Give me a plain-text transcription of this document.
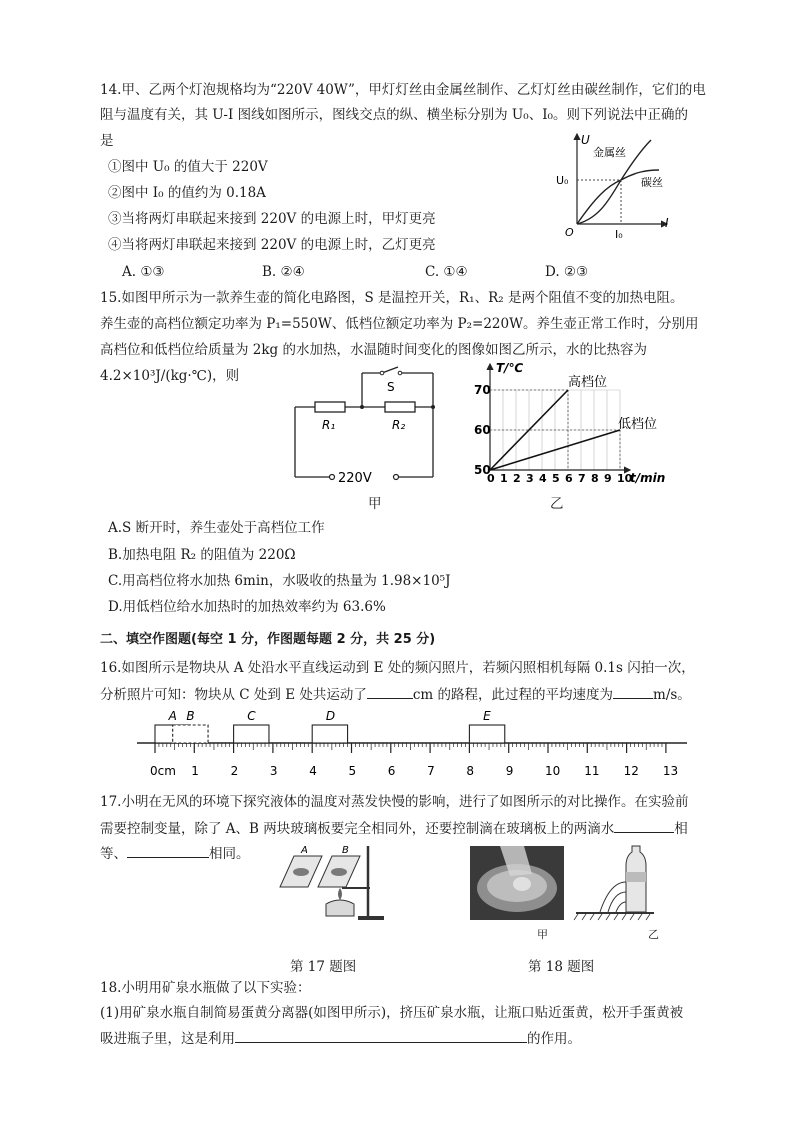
14.甲、乙两个灯泡规格均为“220V 40W”，甲灯灯丝由金属丝制作、乙灯灯丝由碳丝制作，它们的电
阻与温度有关，其 U-I 图线如图所示，图线交点的纵、横坐标分别为 U₀、I₀。则下列说法中正确的
是
①图中 U₀ 的值大于 220V
②图中 I₀ 的值约为 0.18A
③当将两灯串联起来接到 220V 的电源上时，甲灯更亮
④当将两灯串联起来接到 220V 的电源上时，乙灯更亮
A. ①③	B. ②④	C. ①④	D. ②③
U
I
O
金属丝
碳丝
U₀
I₀
15.如图甲所示为一款养生壶的简化电路图，S 是温控开关，R₁、R₂ 是两个阻值不变的加热电阻。
养生壶的高档位额定功率为 P₁=550W、低档位额定功率为 P₂=220W。养生壶正常工作时，分别用
高档位和低档位给质量为 2kg 的水加热，水温随时间变化的图像如图乙所示，水的比热容为
4.2×10³J/(kg·℃)，则
S
R₁	R₂
220V
甲
0 1 2 3 4 5 6 7 8 9 10
50
60
70
T/℃
t/min
高档位
低档位
乙
A.S 断开时，养生壶处于高档位工作
B.加热电阻 R₂ 的阻值为 220Ω
C.用高档位将水加热 6min，水吸收的热量为 1.98×10⁵J
D.用低档位给水加热时的加热效率约为 63.6%
二、填空作图题(每空 1 分，作图题每题 2 分，共 25 分)
16.如图所示是物块从 A 处沿水平直线运动到 E 处的频闪照片，若频闪照相机每隔 0.1s 闪拍一次，
分析照片可知：物块从 C 处到 E 处共运动了	cm 的路程，此过程的平均速度为	m/s。
0cm 1	2	3	4	5	6	7	8	9	10 11 12 13
A B	C	D	E
17.小明在无风的环境下探究液体的温度对蒸发快慢的影响，进行了如图所示的对比操作。在实验前
需要控制变量，除了 A、B 两块玻璃板要完全相同外，还要控制滴在玻璃板上的两滴水	相
等、	相同。	A	B
第 17 题图	第 18 题图
甲	乙
18.小明用矿泉水瓶做了以下实验：
(1)用矿泉水瓶自制简易蛋黄分离器(如图甲所示)，挤压矿泉水瓶，让瓶口贴近蛋黄，松开手蛋黄被
吸进瓶子里，这是利用	的作用。
